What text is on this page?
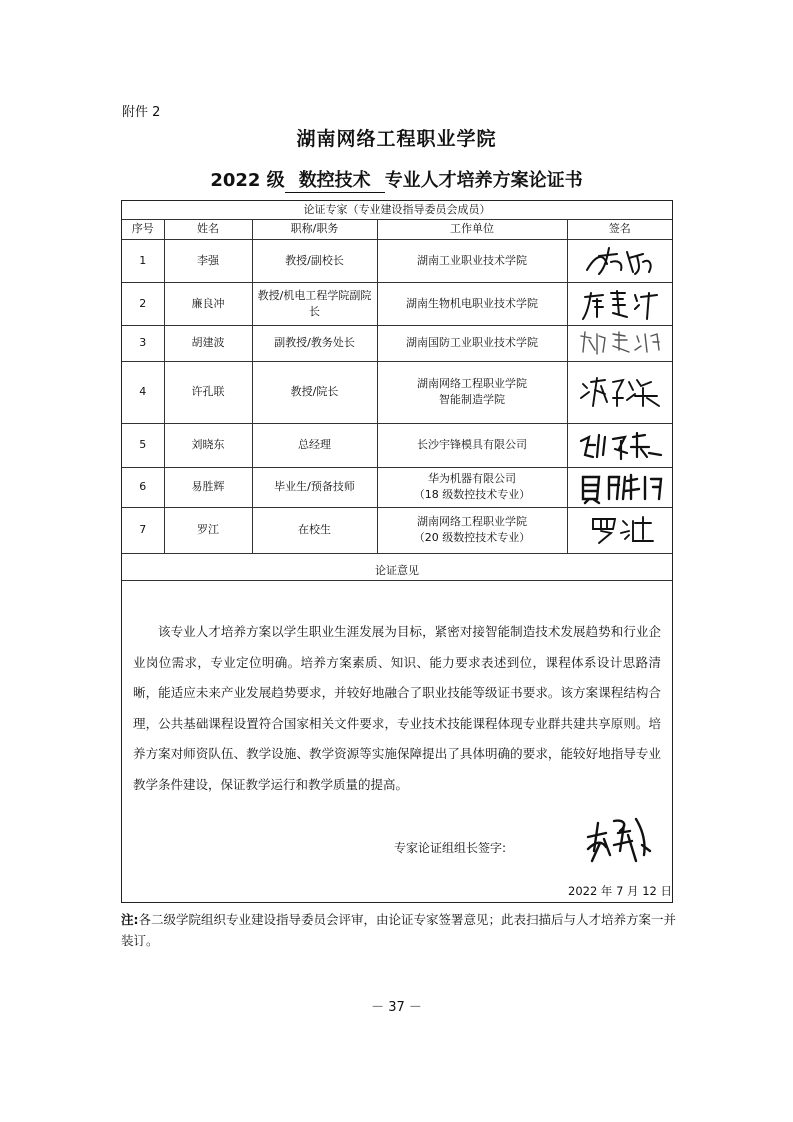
附件 2
湖南网络工程职业学院
2022 级 数控技术 专业人才培养方案论证书
论证专家（专业建设指导委员会成员）				
序号	姓名	职称/职务	工作单位	签名
1	李强	教授/副校长	湖南工业职业技术学院	

2	廉良冲	教授/机电工程学院副院长	湖南生物机电职业技术学院	

3	胡建波	副教授/教务处长	湖南国防工业职业技术学院	

4	许孔联	教授/院长	湖南网络工程职业学院
智能制造学院	

5	刘晓东	总经理	长沙宇锋模具有限公司	

6	易胜辉	毕业生/预备技师	华为机器有限公司
（18 级数控技术专业）	

7	罗江	在校生	湖南网络工程职业学院
（20 级数控技术专业）	
论证意见

该专业人才培养方案以学生职业生涯发展为目标，紧密对接智能制造技术发展趋势和行业企业岗位需求，专业定位明确。培养方案素质、知识、能力要求表述到位，课程体系设计思路清晰，能适应未来产业发展趋势要求，并较好地融合了职业技能等级证书要求。该方案课程结构合理，公共基础课程设置符合国家相关文件要求，专业技术技能课程体现专业群共建共享原则。培养方案对师资队伍、教学设施、教学资源等实施保障提出了具体明确的要求，能较好地指导专业教学条件建设，保证教学运行和教学质量的提高。

专家论证组组长签字:
2022 年 7 月 12 日

注:各二级学院组织专业建设指导委员会评审，由论证专家签署意见；此表扫描后与人才培养方案一并装订。

－ 37 －
